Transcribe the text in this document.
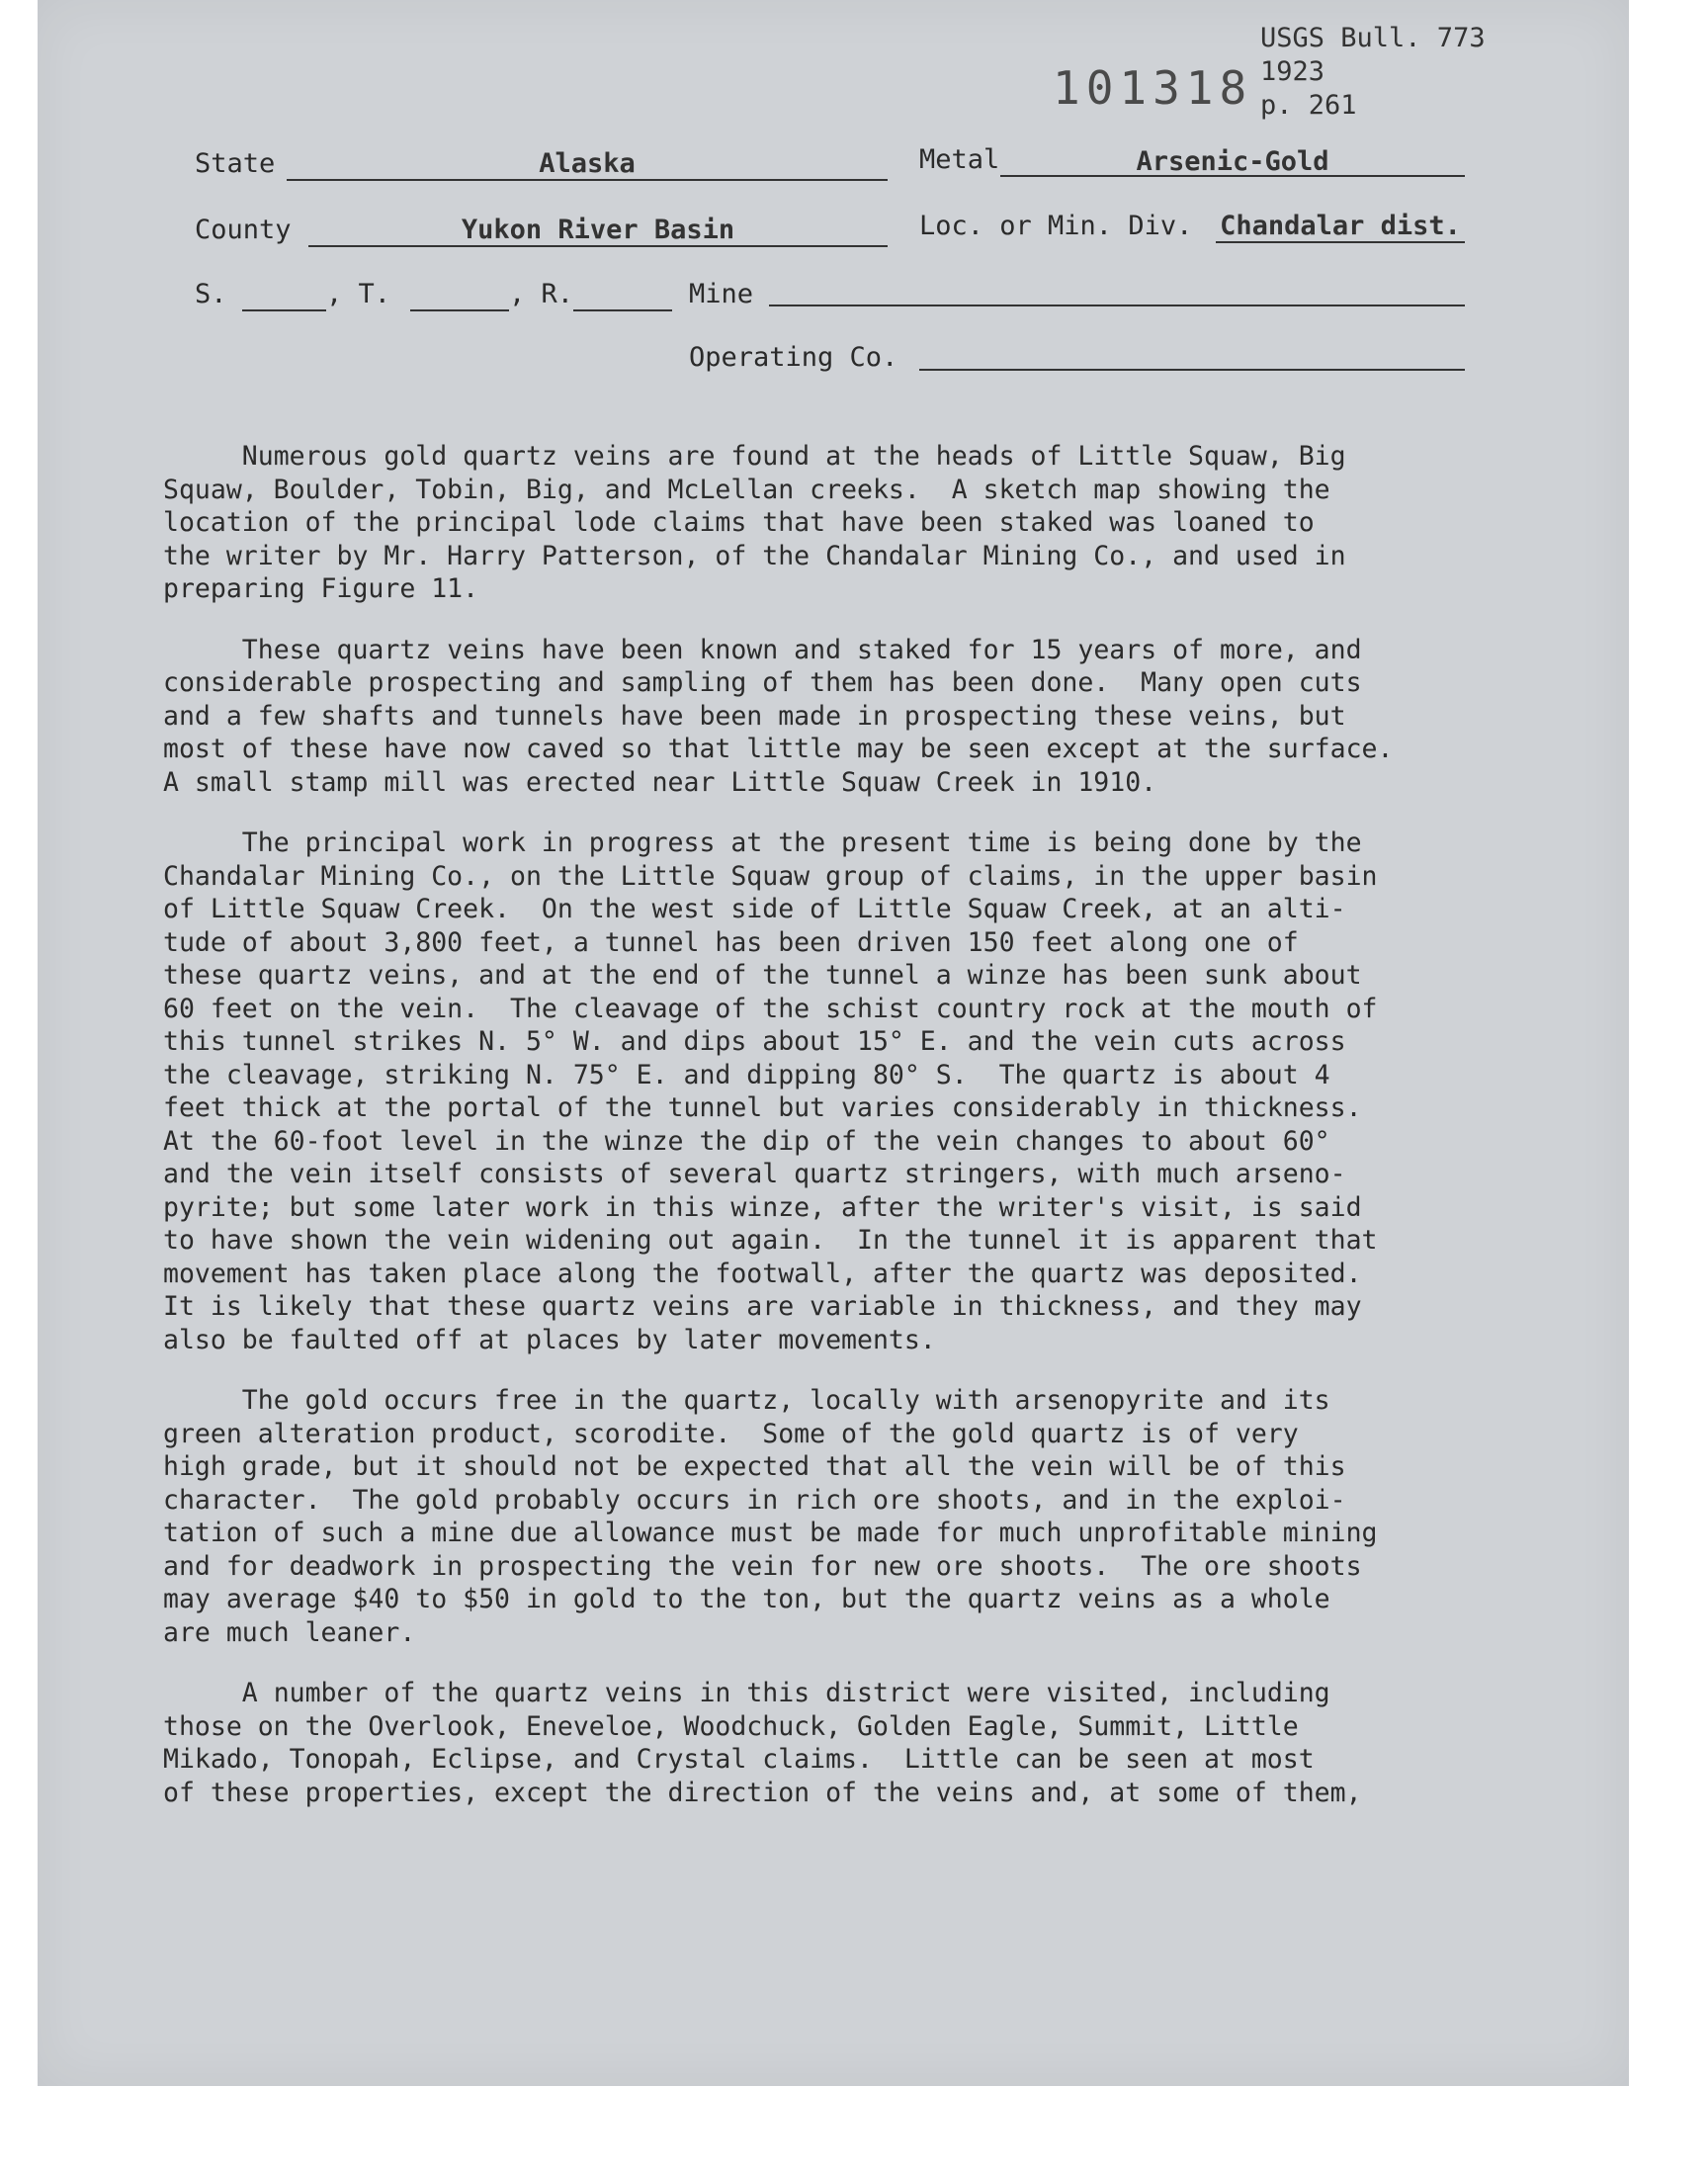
USGS Bull. 773
1923
p. 261
101318
State	Alaska	Metal	Arsenic-Gold
County	Yukon River Basin	Loc. or Min. Div. Chandalar dist.
S.	, T.	, R.	Mine
Operating Co.

Numerous gold quartz veins are found at the heads of Little Squaw, Big
Squaw, Boulder, Tobin, Big, and McLellan creeks.  A sketch map showing the
location of the principal lode claims that have been staked was loaned to
the writer by Mr. Harry Patterson, of the Chandalar Mining Co., and used in
preparing Figure 11.

These quartz veins have been known and staked for 15 years of more, and
considerable prospecting and sampling of them has been done.  Many open cuts
and a few shafts and tunnels have been made in prospecting these veins, but
most of these have now caved so that little may be seen except at the surface.
A small stamp mill was erected near Little Squaw Creek in 1910.

The principal work in progress at the present time is being done by the
Chandalar Mining Co., on the Little Squaw group of claims, in the upper basin
of Little Squaw Creek.  On the west side of Little Squaw Creek, at an alti-
tude of about 3,800 feet, a tunnel has been driven 150 feet along one of
these quartz veins, and at the end of the tunnel a winze has been sunk about
60 feet on the vein.  The cleavage of the schist country rock at the mouth of
this tunnel strikes N. 5° W. and dips about 15° E. and the vein cuts across
the cleavage, striking N. 75° E. and dipping 80° S.  The quartz is about 4
feet thick at the portal of the tunnel but varies considerably in thickness.
At the 60-foot level in the winze the dip of the vein changes to about 60°
and the vein itself consists of several quartz stringers, with much arseno-
pyrite; but some later work in this winze, after the writer's visit, is said
to have shown the vein widening out again.  In the tunnel it is apparent that
movement has taken place along the footwall, after the quartz was deposited.
It is likely that these quartz veins are variable in thickness, and they may
also be faulted off at places by later movements.

The gold occurs free in the quartz, locally with arsenopyrite and its
green alteration product, scorodite.  Some of the gold quartz is of very
high grade, but it should not be expected that all the vein will be of this
character.  The gold probably occurs in rich ore shoots, and in the exploi-
tation of such a mine due allowance must be made for much unprofitable mining
and for deadwork in prospecting the vein for new ore shoots.  The ore shoots
may average $40 to $50 in gold to the ton, but the quartz veins as a whole
are much leaner.

A number of the quartz veins in this district were visited, including
those on the Overlook, Eneveloe, Woodchuck, Golden Eagle, Summit, Little
Mikado, Tonopah, Eclipse, and Crystal claims.  Little can be seen at most
of these properties, except the direction of the veins and, at some of them,
